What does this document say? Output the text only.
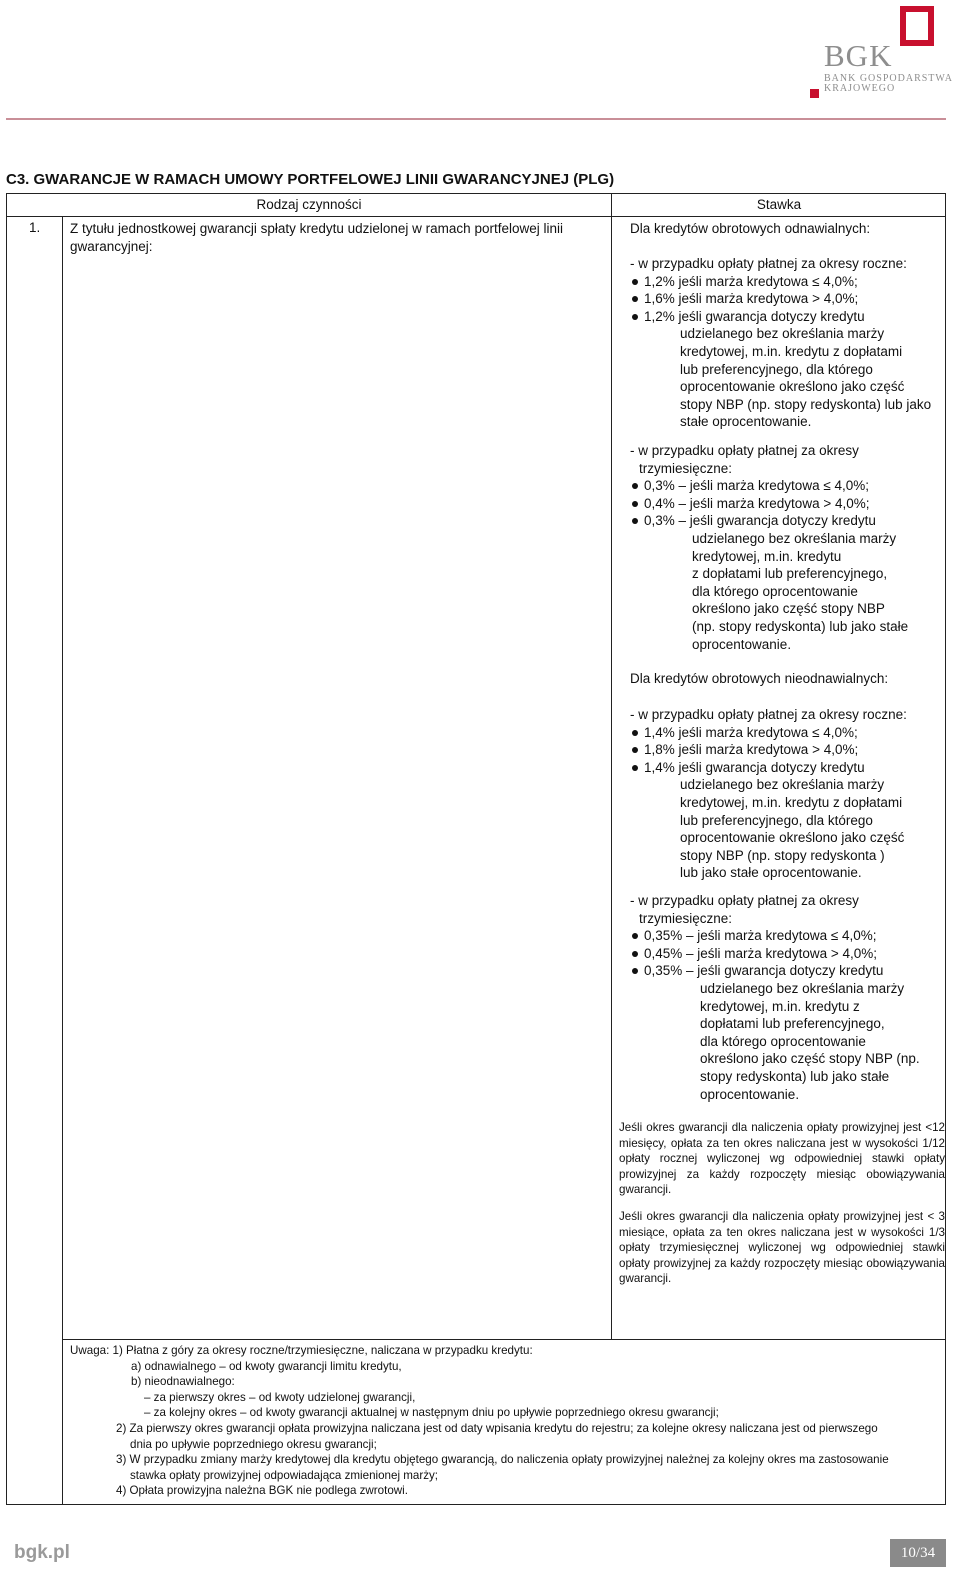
BGK
BANK GOSPODARSTWA
KRAJOWEGO
C3. GWARANCJE W RAMACH UMOWY PORTFELOWEJ LINII GWARANCYJNEJ (PLG)
Rodzaj czynności	Stawka
1. Z tytułu jednostkowej gwarancji spłaty kredytu udzielonej w ramach portfelowej linii gwarancyjnej:
Dla kredytów obrotowych odnawialnych:
- w przypadku opłaty płatnej za okresy roczne:
1,2% jeśli marża kredytowa ≤ 4,0%;
1,6% jeśli marża kredytowa > 4,0%;
1,2% jeśli gwarancja dotyczy kredytu
udzielanego bez określania marży
kredytowej, m.in. kredytu z dopłatami
lub preferencyjnego, dla którego
oprocentowanie określono jako część
stopy NBP (np. stopy redyskonta) lub jako
stałe oprocentowanie.
- w przypadku opłaty płatnej za okresy
trzymiesięczne:
0,3% – jeśli marża kredytowa ≤ 4,0%;
0,4% – jeśli marża kredytowa > 4,0%;
0,3% – jeśli gwarancja dotyczy kredytu
udzielanego bez określania marży
kredytowej, m.in. kredytu
z dopłatami lub preferencyjnego,
dla którego oprocentowanie
określono jako część stopy NBP
(np. stopy redyskonta) lub jako stałe
oprocentowanie.
Dla kredytów obrotowych nieodnawialnych:
- w przypadku opłaty płatnej za okresy roczne:
1,4% jeśli marża kredytowa ≤ 4,0%;
1,8% jeśli marża kredytowa > 4,0%;
1,4% jeśli gwarancja dotyczy kredytu
udzielanego bez określania marży
kredytowej, m.in. kredytu z dopłatami
lub preferencyjnego, dla którego
oprocentowanie określono jako część
stopy NBP (np. stopy redyskonta )
lub jako stałe oprocentowanie.
- w przypadku opłaty płatnej za okresy
trzymiesięczne:
0,35% – jeśli marża kredytowa ≤ 4,0%;
0,45% – jeśli marża kredytowa > 4,0%;
0,35% – jeśli gwarancja dotyczy kredytu
udzielanego bez określania marży
kredytowej, m.in. kredytu z
dopłatami lub preferencyjnego,
dla którego oprocentowanie
określono jako część stopy NBP (np.
stopy redyskonta) lub jako stałe
oprocentowanie.
Jeśli okres gwarancji dla naliczenia opłaty prowizyjnej jest <12 miesięcy, opłata za ten okres naliczana jest w wysokości 1/12 opłaty rocznej wyliczonej wg odpowiedniej stawki opłaty prowizyjnej za każdy rozpoczęty miesiąc obowiązywania gwarancji.
Jeśli okres gwarancji dla naliczenia opłaty prowizyjnej jest < 3 miesiące, opłata za ten okres naliczana jest w wysokości 1/3 opłaty trzymiesięcznej wyliczonej wg odpowiedniej stawki opłaty prowizyjnej za każdy rozpoczęty miesiąc obowiązywania gwarancji.
Uwaga: 1) Płatna z góry za okresy roczne/trzymiesięczne, naliczana w przypadku kredytu:
a) odnawialnego – od kwoty gwarancji limitu kredytu,
b) nieodnawialnego:
– za pierwszy okres – od kwoty udzielonej gwarancji,
– za kolejny okres – od kwoty gwarancji aktualnej w następnym dniu po upływie poprzedniego okresu gwarancji;
2) Za pierwszy okres gwarancji opłata prowizyjna naliczana jest od daty wpisania kredytu do rejestru; za kolejne okresy naliczana jest od pierwszego
dnia po upływie poprzedniego okresu gwarancji;
3) W przypadku zmiany marży kredytowej dla kredytu objętego gwarancją, do naliczenia opłaty prowizyjnej należnej za kolejny okres ma zastosowanie
stawka opłaty prowizyjnej odpowiadająca zmienionej marży;
4) Opłata prowizyjna należna BGK nie podlega zwrotowi.
bgk.pl	10/34
